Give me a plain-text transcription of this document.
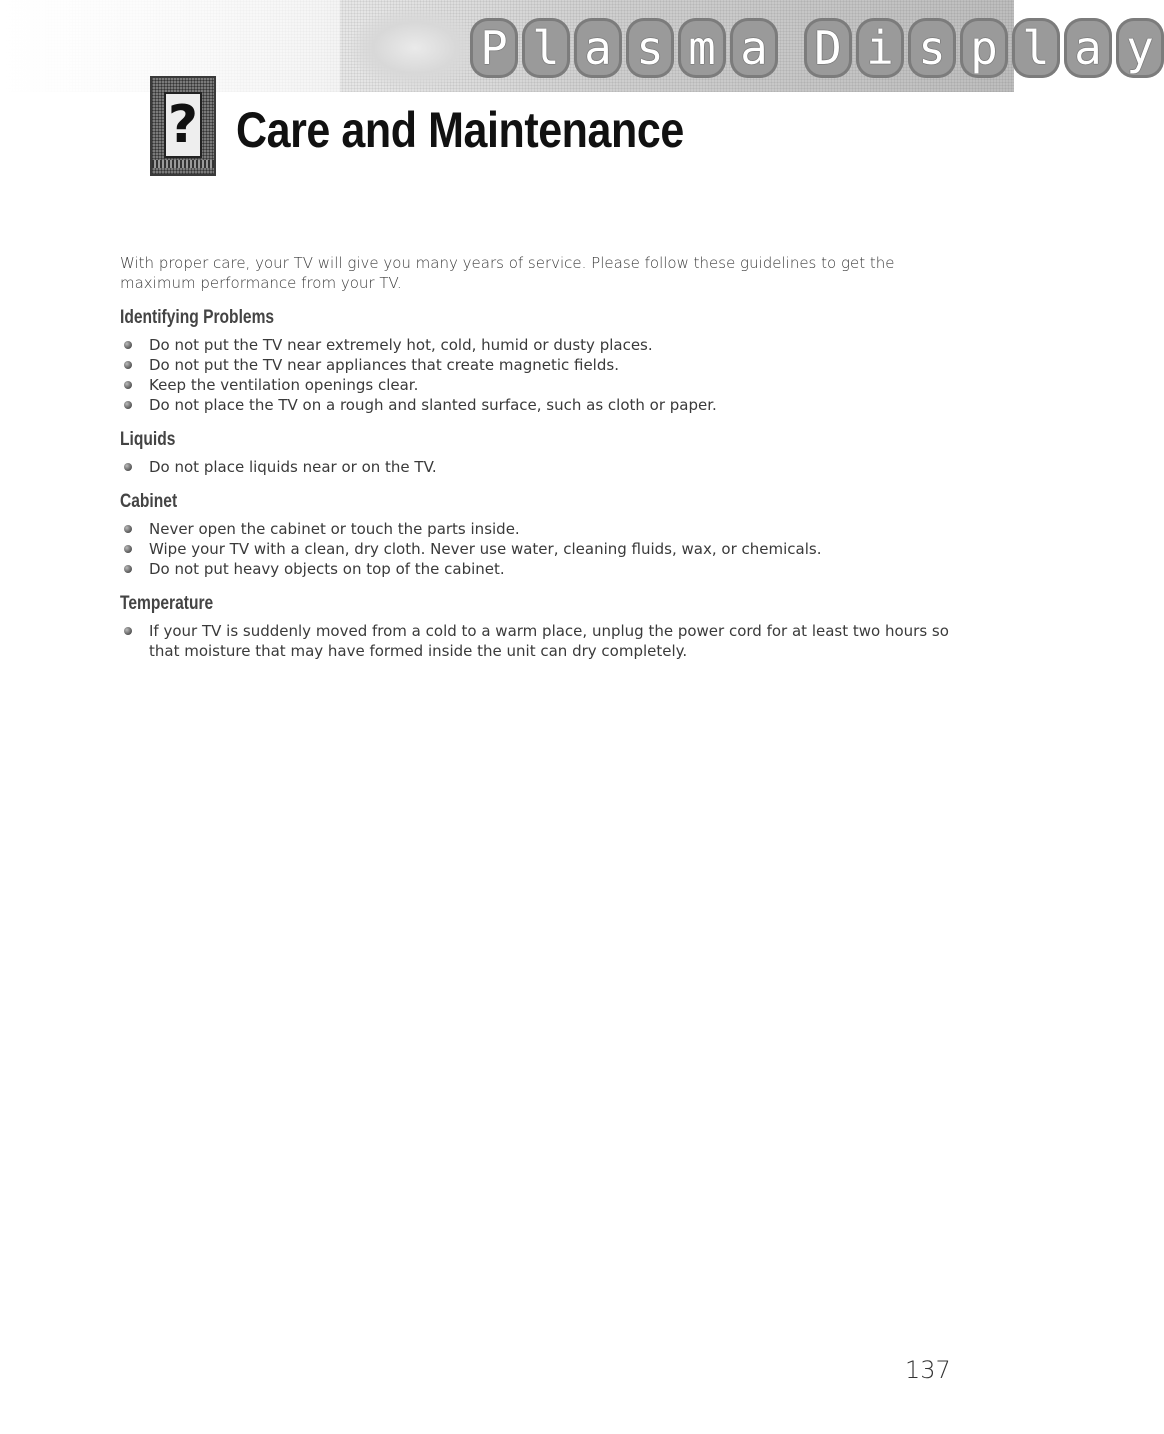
P l a s m a D i s p l a y
? Care and Maintenance

With proper care, your TV will give you many years of service. Please follow these guidelines to get the maximum performance from your TV.

Identifying Problems
Do not put the TV near extremely hot, cold, humid or dusty places.
Do not put the TV near appliances that create magnetic fields.
Keep the ventilation openings clear.
Do not place the TV on a rough and slanted surface, such as cloth or paper.
Liquids
Do not place liquids near or on the TV.
Cabinet
Never open the cabinet or touch the parts inside.
Wipe your TV with a clean, dry cloth. Never use water, cleaning fluids, wax, or chemicals.
Do not put heavy objects on top of the cabinet.
Temperature
If your TV is suddenly moved from a cold to a warm place, unplug the power cord for at least two hours so that moisture that may have formed inside the unit can dry completely.
137
